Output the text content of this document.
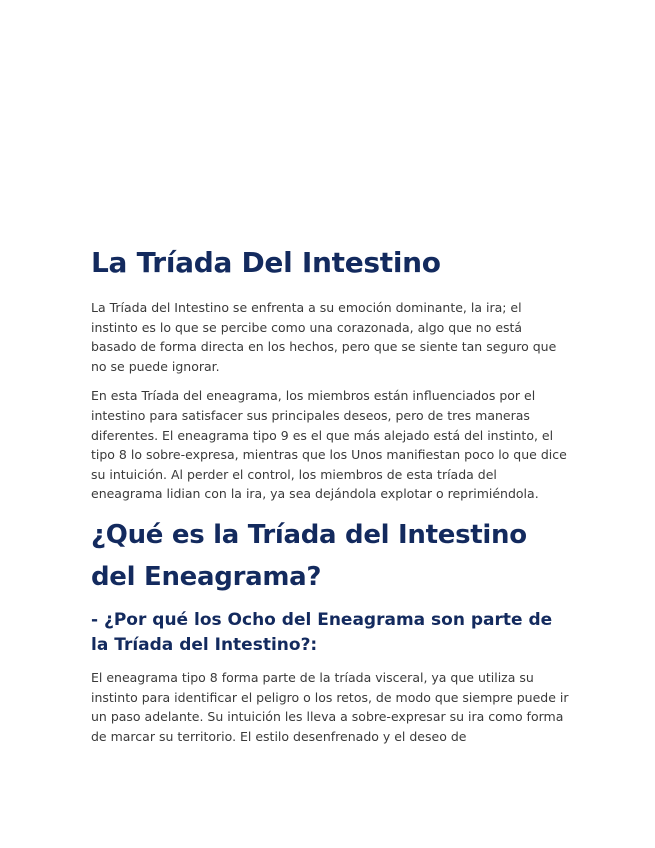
La Tríada Del Intestino

La Tríada del Intestino se enfrenta a su emoción dominante, la ira; el instinto es lo que se percibe como una corazonada, algo que no está basado de forma directa en los hechos, pero que se siente tan seguro que no se puede ignorar.

En esta Tríada del eneagrama, los miembros están influenciados por el intestino para satisfacer sus principales deseos, pero de tres maneras diferentes. El eneagrama tipo 9 es el que más alejado está del instinto, el tipo 8 lo sobre-expresa, mientras que los Unos manifiestan poco lo que dice su intuición. Al perder el control, los miembros de esta tríada del eneagrama lidian con la ira, ya sea dejándola explotar o reprimiéndola.

¿Qué es la Tríada del Intestino del Eneagrama?
- ¿Por qué los Ocho del Eneagrama son parte de la Tríada del Intestino?:

El eneagrama tipo 8 forma parte de la tríada visceral, ya que utiliza su instinto para identificar el peligro o los retos, de modo que siempre puede ir un paso adelante. Su intuición les lleva a sobre-expresar su ira como forma de marcar su territorio. El estilo desenfrenado y el deseo de
